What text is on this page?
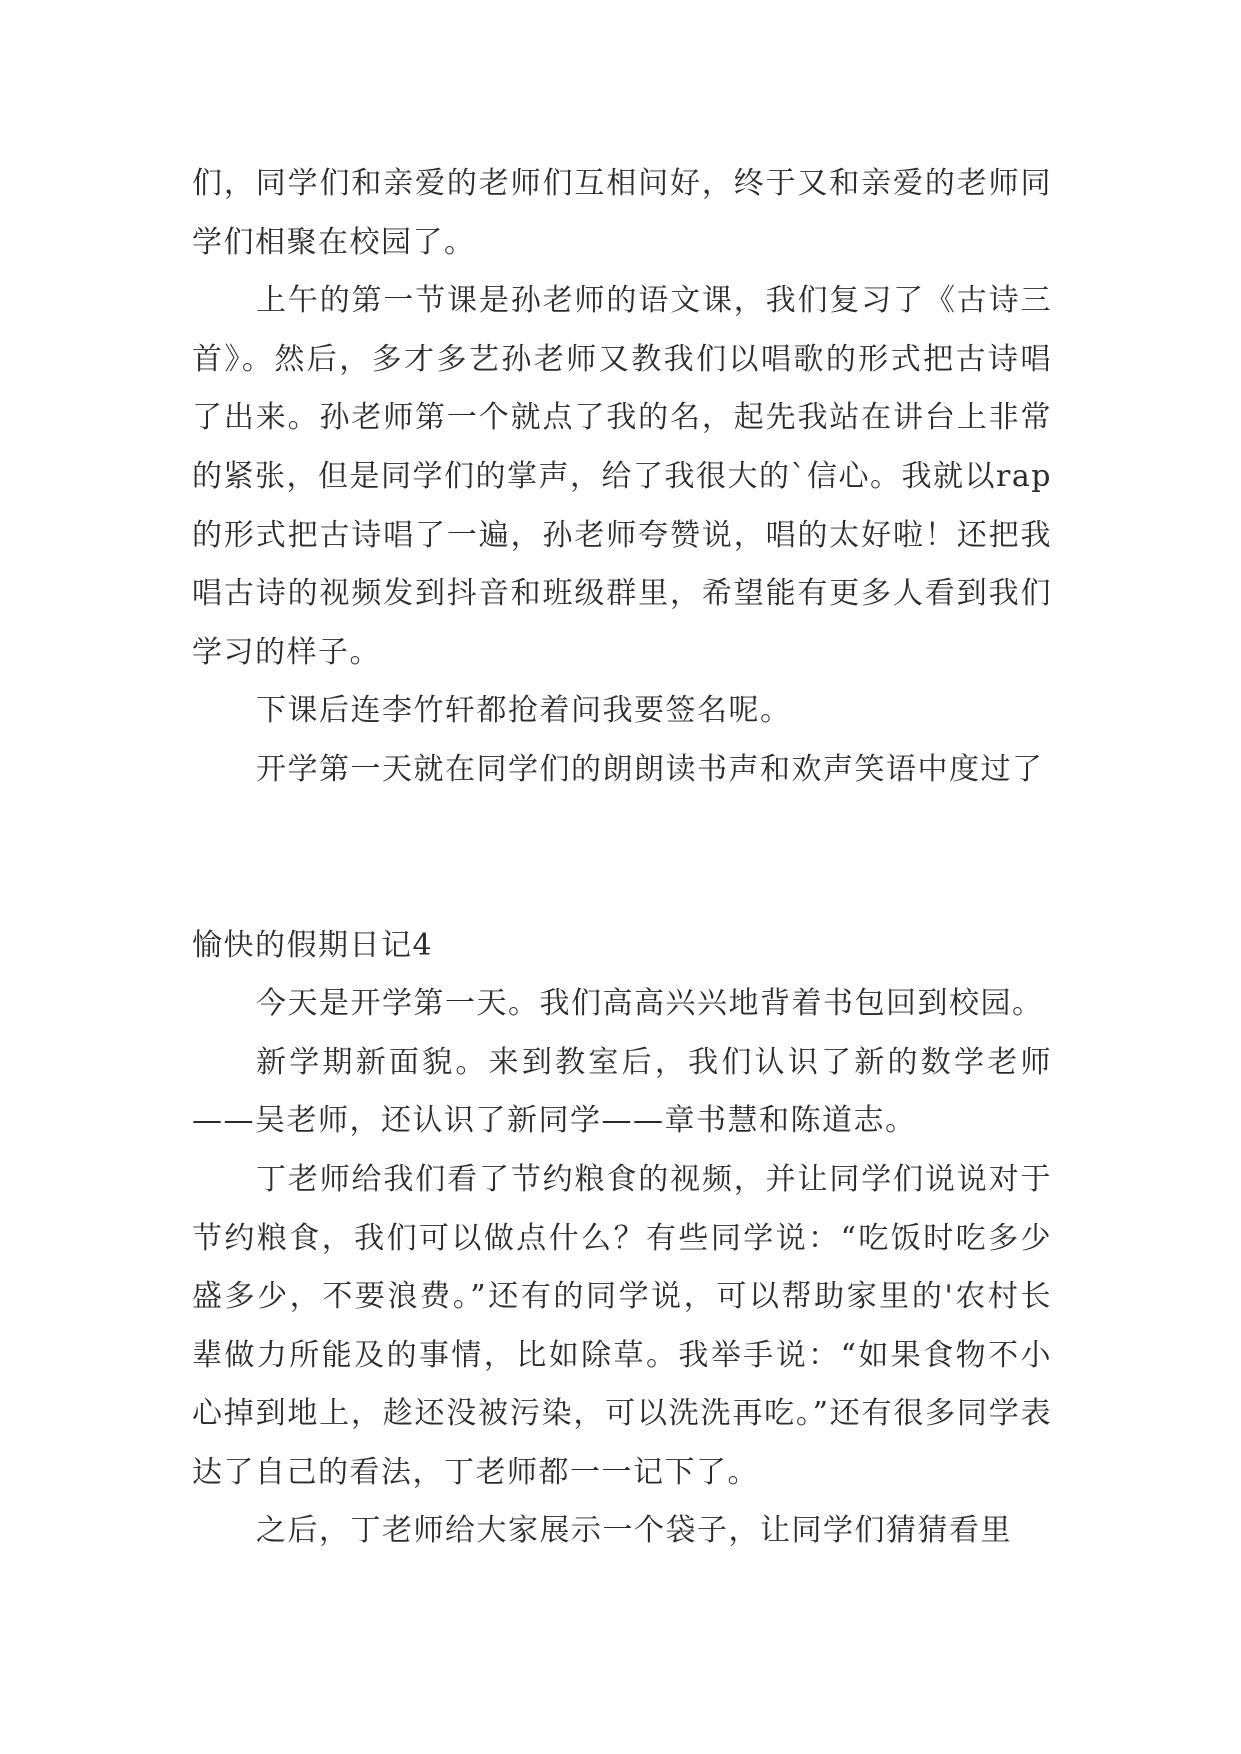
们，同学们和亲爱的老师们互相问好，终于又和亲爱的老师同学们相聚在校园了。

上午的第一节课是孙老师的语文课，我们复习了《古诗三首》。然后，多才多艺孙老师又教我们以唱歌的形式把古诗唱了出来。孙老师第一个就点了我的名，起先我站在讲台上非常的紧张，但是同学们的掌声，给了我很大的`信心。我就以rap的形式把古诗唱了一遍，孙老师夸赞说，唱的太好啦！还把我唱古诗的视频发到抖音和班级群里，希望能有更多人看到我们学习的样子。

下课后连李竹轩都抢着问我要签名呢。

开学第一天就在同学们的朗朗读书声和欢声笑语中度过了

愉快的假期日记4

今天是开学第一天。我们高高兴兴地背着书包回到校园。

新学期新面貌。来到教室后，我们认识了新的数学老师——吴老师，还认识了新同学——章书慧和陈道志。

丁老师给我们看了节约粮食的视频，并让同学们说说对于节约粮食，我们可以做点什么？有些同学说：“吃饭时吃多少盛多少，不要浪费。”还有的同学说，可以帮助家里的'农村长辈做力所能及的事情，比如除草。我举手说：“如果食物不小心掉到地上，趁还没被污染，可以洗洗再吃。”还有很多同学表达了自己的看法，丁老师都一一记下了。

之后，丁老师给大家展示一个袋子，让同学们猜猜看里
